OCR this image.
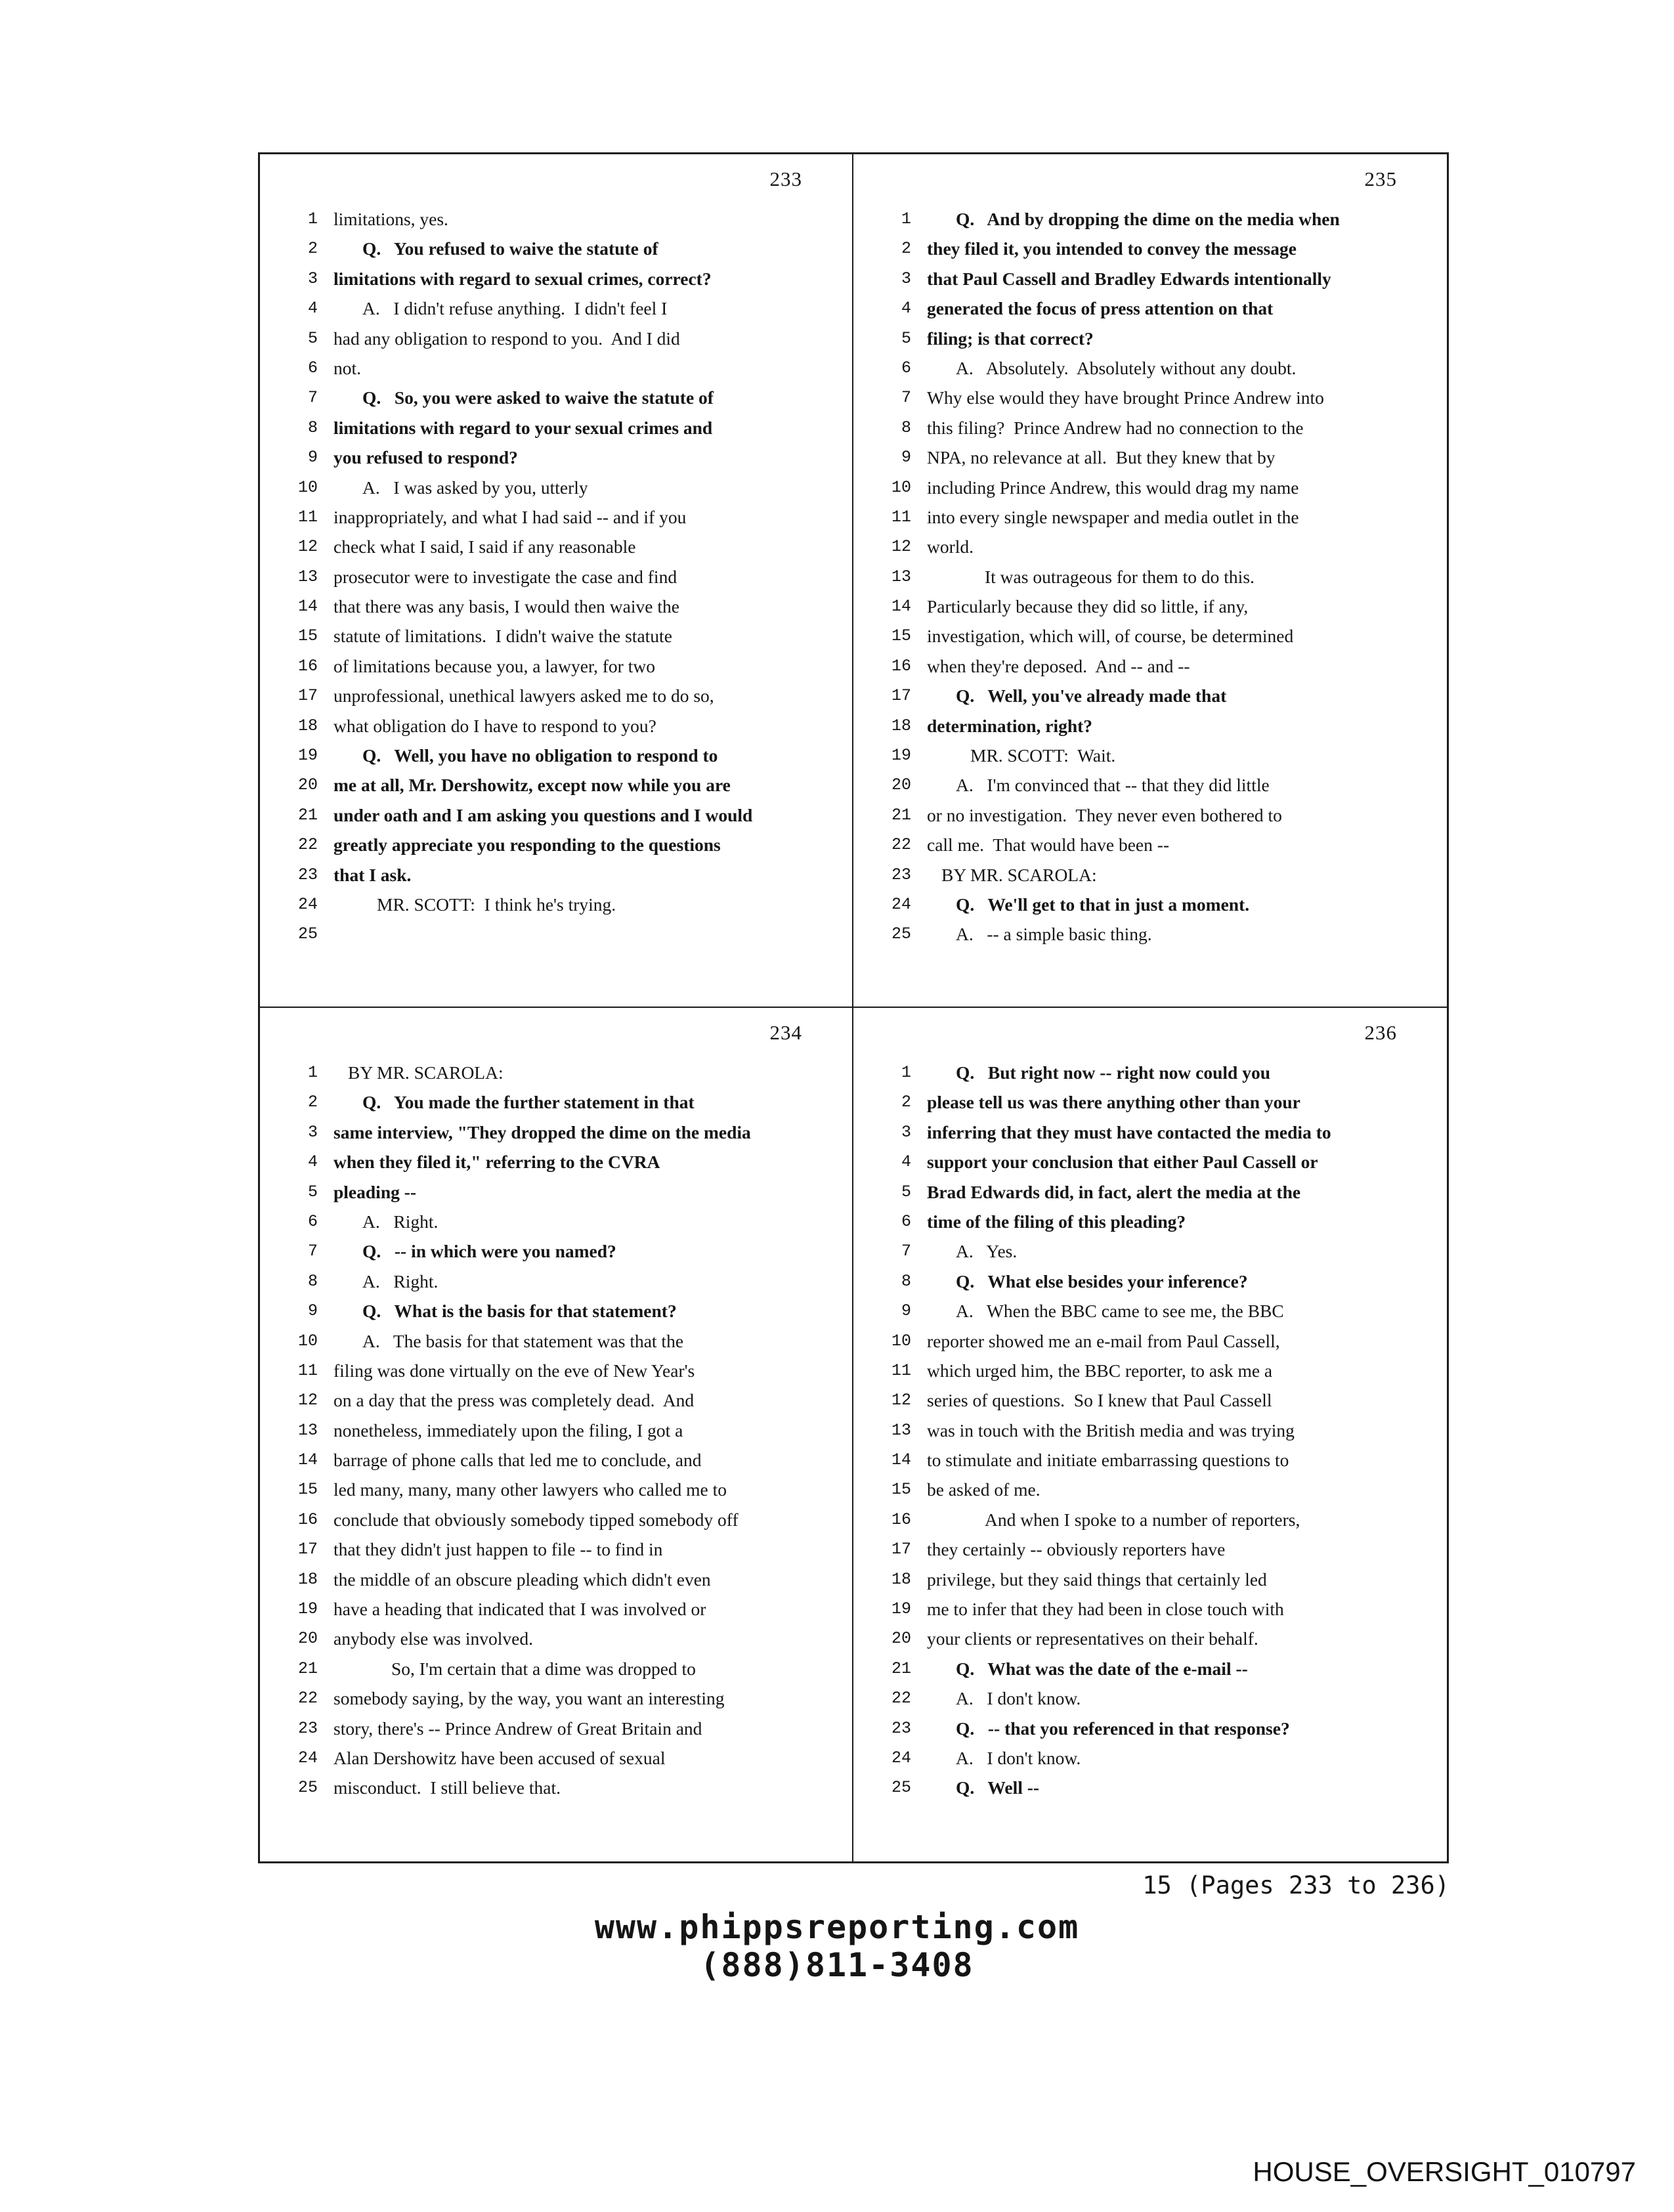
233
1 limitations, yes.
2	Q.   You refused to waive the statute of
3 limitations with regard to sexual crimes, correct?
4	A.   I didn't refuse anything.  I didn't feel I
5 had any obligation to respond to you.  And I did
6 not.
7	Q.   So, you were asked to waive the statute of
8 limitations with regard to your sexual crimes and
9 you refused to respond?
10	A.   I was asked by you, utterly
11 inappropriately, and what I had said -- and if you
12 check what I said, I said if any reasonable
13 prosecutor were to investigate the case and find
14 that there was any basis, I would then waive the
15 statute of limitations.  I didn't waive the statute
16 of limitations because you, a lawyer, for two
17 unprofessional, unethical lawyers asked me to do so,
18 what obligation do I have to respond to you?
19	Q.   Well, you have no obligation to respond to
20 me at all, Mr. Dershowitz, except now while you are
21 under oath and I am asking you questions and I would
22 greatly appreciate you responding to the questions
23 that I ask.
24	MR. SCOTT:  I think he's trying.
25
235
1	Q.   And by dropping the dime on the media when
2 they filed it, you intended to convey the message
3 that Paul Cassell and Bradley Edwards intentionally
4 generated the focus of press attention on that
5 filing; is that correct?
6	A.   Absolutely.  Absolutely without any doubt.
7 Why else would they have brought Prince Andrew into
8 this filing?  Prince Andrew had no connection to the
9 NPA, no relevance at all.  But they knew that by
10 including Prince Andrew, this would drag my name
11 into every single newspaper and media outlet in the
12 world.
13	It was outrageous for them to do this.
14 Particularly because they did so little, if any,
15 investigation, which will, of course, be determined
16 when they're deposed.  And -- and --
17	Q.   Well, you've already made that
18 determination, right?
19	MR. SCOTT:  Wait.
20	A.   I'm convinced that -- that they did little
21 or no investigation.  They never even bothered to
22 call me.  That would have been --
23	BY MR. SCAROLA:
24	Q.   We'll get to that in just a moment.
25	A.   -- a simple basic thing.
234
1	BY MR. SCAROLA:
2	Q.   You made the further statement in that
3 same interview, "They dropped the dime on the media
4 when they filed it," referring to the CVRA
5 pleading --
6	A.   Right.
7	Q.   -- in which were you named?
8	A.   Right.
9	Q.   What is the basis for that statement?
10	A.   The basis for that statement was that the
11 filing was done virtually on the eve of New Year's
12 on a day that the press was completely dead.  And
13 nonetheless, immediately upon the filing, I got a
14 barrage of phone calls that led me to conclude, and
15 led many, many, many other lawyers who called me to
16 conclude that obviously somebody tipped somebody off
17 that they didn't just happen to file -- to find in
18 the middle of an obscure pleading which didn't even
19 have a heading that indicated that I was involved or
20 anybody else was involved.
21	So, I'm certain that a dime was dropped to
22 somebody saying, by the way, you want an interesting
23 story, there's -- Prince Andrew of Great Britain and
24 Alan Dershowitz have been accused of sexual
25 misconduct.  I still believe that.
236
1	Q.   But right now -- right now could you
2 please tell us was there anything other than your
3 inferring that they must have contacted the media to
4 support your conclusion that either Paul Cassell or
5 Brad Edwards did, in fact, alert the media at the
6 time of the filing of this pleading?
7	A.   Yes.
8	Q.   What else besides your inference?
9	A.   When the BBC came to see me, the BBC
10 reporter showed me an e-mail from Paul Cassell,
11 which urged him, the BBC reporter, to ask me a
12 series of questions.  So I knew that Paul Cassell
13 was in touch with the British media and was trying
14 to stimulate and initiate embarrassing questions to
15 be asked of me.
16	And when I spoke to a number of reporters,
17 they certainly -- obviously reporters have
18 privilege, but they said things that certainly led
19 me to infer that they had been in close touch with
20 your clients or representatives on their behalf.
21	Q.   What was the date of the e-mail --
22	A.   I don't know.
23	Q.   -- that you referenced in that response?
24	A.   I don't know.
25	Q.   Well --
15 (Pages 233 to 236)
www.phippsreporting.com
(888)811-3408
HOUSE_OVERSIGHT_010797
